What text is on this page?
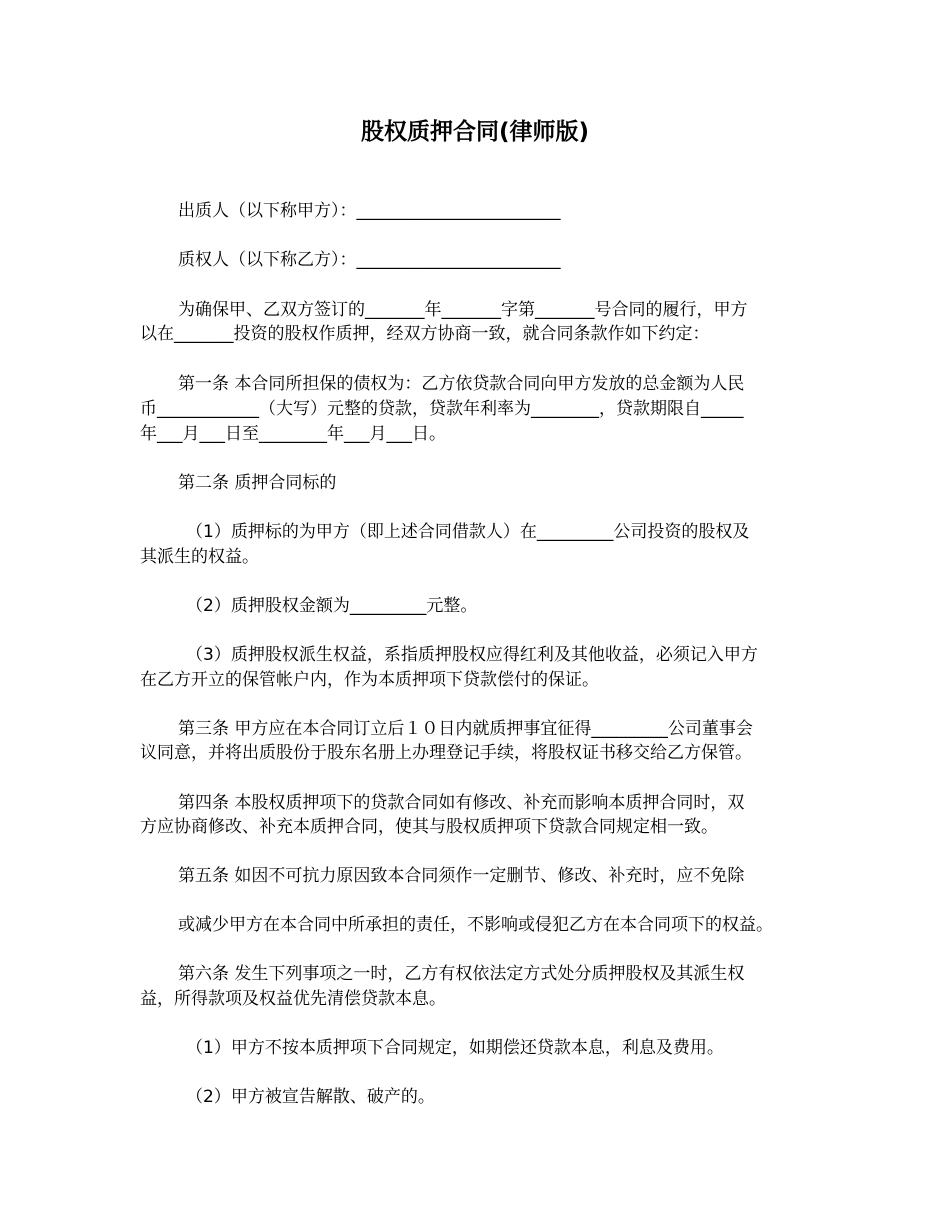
股权质押合同(律师版)
出质人（以下称甲方）：________________________
质权人（以下称乙方）：________________________
为确保甲、乙双方签订的_______年_______字第_______号合同的履行，甲方
以在_______投资的股权作质押，经双方协商一致，就合同条款作如下约定：
第一条 本合同所担保的债权为：乙方依贷款合同向甲方发放的总金额为人民
币____________（大写）元整的贷款，贷款年利率为________，贷款期限自_____
年___月___日至________年___月___日。
第二条 质押合同标的
（1）质押标的为甲方（即上述合同借款人）在_________公司投资的股权及
其派生的权益。
（2）质押股权金额为_________元整。
（3）质押股权派生权益，系指质押股权应得红利及其他收益，必须记入甲方
在乙方开立的保管帐户内，作为本质押项下贷款偿付的保证。
第三条 甲方应在本合同订立后１０日内就质押事宜征得_________公司董事会
议同意，并将出质股份于股东名册上办理登记手续，将股权证书移交给乙方保管。
第四条 本股权质押项下的贷款合同如有修改、补充而影响本质押合同时，双
方应协商修改、补充本质押合同，使其与股权质押项下贷款合同规定相一致。
第五条 如因不可抗力原因致本合同须作一定删节、修改、补充时，应不免除
或减少甲方在本合同中所承担的责任，不影响或侵犯乙方在本合同项下的权益。
第六条 发生下列事项之一时，乙方有权依法定方式处分质押股权及其派生权
益，所得款项及权益优先清偿贷款本息。
（1）甲方不按本质押项下合同规定，如期偿还贷款本息，利息及费用。
（2）甲方被宣告解散、破产的。
